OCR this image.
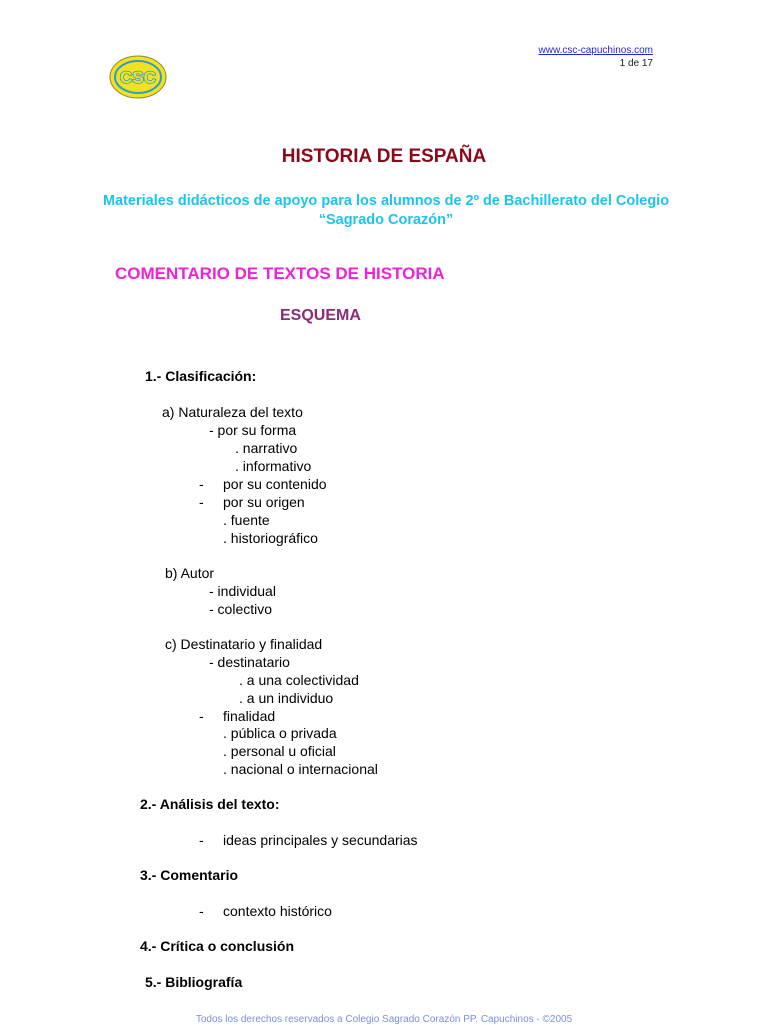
CSC
www.csc-capuchinos.com
1 de 17
HISTORIA DE ESPAÑA
Materiales didácticos de apoyo para los alumnos de 2º de Bachillerato del Colegio “Sagrado Corazón”
COMENTARIO DE TEXTOS DE HISTORIA
ESQUEMA
1.- Clasificación:
a) Naturaleza del texto
- por su forma
. narrativo
. informativo
- por su contenido
- por su origen
. fuente
. historiográfico
b) Autor
- individual
- colectivo
c) Destinatario y finalidad
- destinatario
. a una colectividad
. a un individuo
- finalidad
. pública o privada
. personal u oficial
. nacional o internacional
2.- Análisis del texto:
- ideas principales y secundarias
3.- Comentario
- contexto histórico
4.- Crítica o conclusión
5.- Bibliografía
Todos los derechos reservados a Colegio Sagrado Corazón PP. Capuchinos - ©2005
